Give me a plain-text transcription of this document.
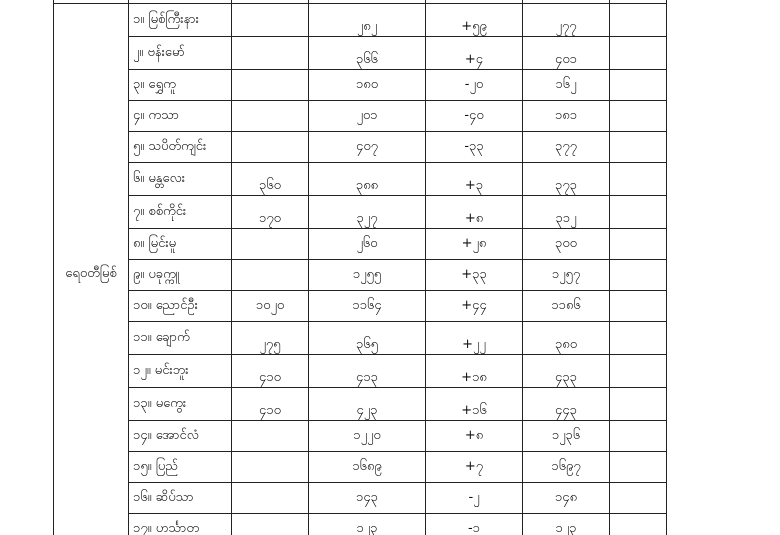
ရေဝတီမြစ်	၁။ မြစ်ကြီးနား		၂၈၂	+၅၉	၂၇၇	
	၂။ ဗန်းမော်		၃၆၆	+၄	၄၀၁	
	၃။ ရွှေကူ		၁၈၀	-၂၀	၁၆၂	
	၄။ ကသာ		၂၀၁	-၄၀	၁၈၁	
	၅။ သပိတ်ကျင်း		၄၀၇	-၃၃	၃၇၇	
	၆။ မန္တလေး	၃၆၀	၃၈၈	+၃	၃၇၃	
	၇။ စစ်ကိုင်း	၁၇၀	၃၂၇	+၈	၃၁၂	
	၈။ မြင်းမူ		၂၆၀	+၂၈	၃၀၀	
	၉။ ပခုက္ကူ		၁၂၅၅	+၃၃	၁၂၅၇	
	၁၀။ ညောင်ဦး	၁၀၂၀	၁၁၆၄	+၄၄	၁၁၈၆	
	၁၁။ ချောက်	၂၇၅	၃၆၅	+၂၂	၃၈၀	
	၁၂။ မင်းဘူး	၄၁၀	၄၁၃	+၁၈	၄၃၃	
	၁၃။ မကွေး	၄၁၀	၄၂၃	+၁၆	၄၄၃	
	၁၄။ အောင်လံ		၁၂၂၀	+၈	၁၂၃၆	
	၁၅။ ပြည်		၁၆၈၉	+၇	၁၆၉၇	
	၁၆။ ဆိပ်သာ		၁၄၃	-၂	၁၄၈	
	၁၇။ ဟင်္သာတ		၁၂၃	-၁	၁၂၃	
